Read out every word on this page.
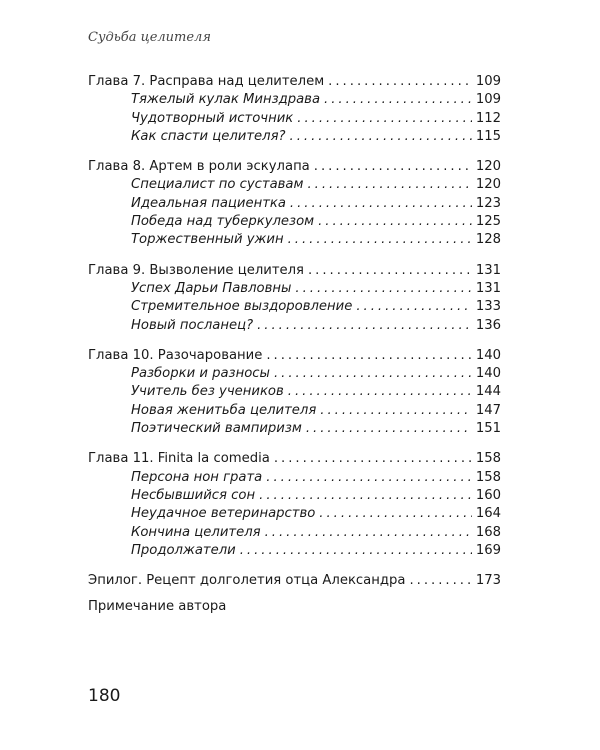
Судьба целителя
Глава 7. Расправа над целителем .....	109
Тяжелый кулак Минздрава .....	109
Чудотворный источник .....	112
Как спасти целителя? .....	115
Глава 8. Артем в роли эскулапа .....	120
Специалист по суставам .....	120
Идеальная пациентка .....	123
Победа над туберкулезом .....	125
Торжественный ужин .....	128
Глава 9. Вызволение целителя .....	131
Успех Дарьи Павловны .....	131
Стремительное выздоровление .....	133
Новый посланец? .....	136
Глава 10. Разочарование .....	140
Разборки и разносы .....	140
Учитель без учеников .....	144
Новая женитьба целителя .....	147
Поэтический вампиризм .....	151
Глава 11. Finita la comedia .....	158
Персона нон грата .....	158
Несбывшийся сон .....	160
Неудачное ветеринарство .....	164
Кончина целителя .....	168
Продолжатели .....	169
Эпилог. Рецепт долголетия отца Александра .....	173
Примечание автора
180
